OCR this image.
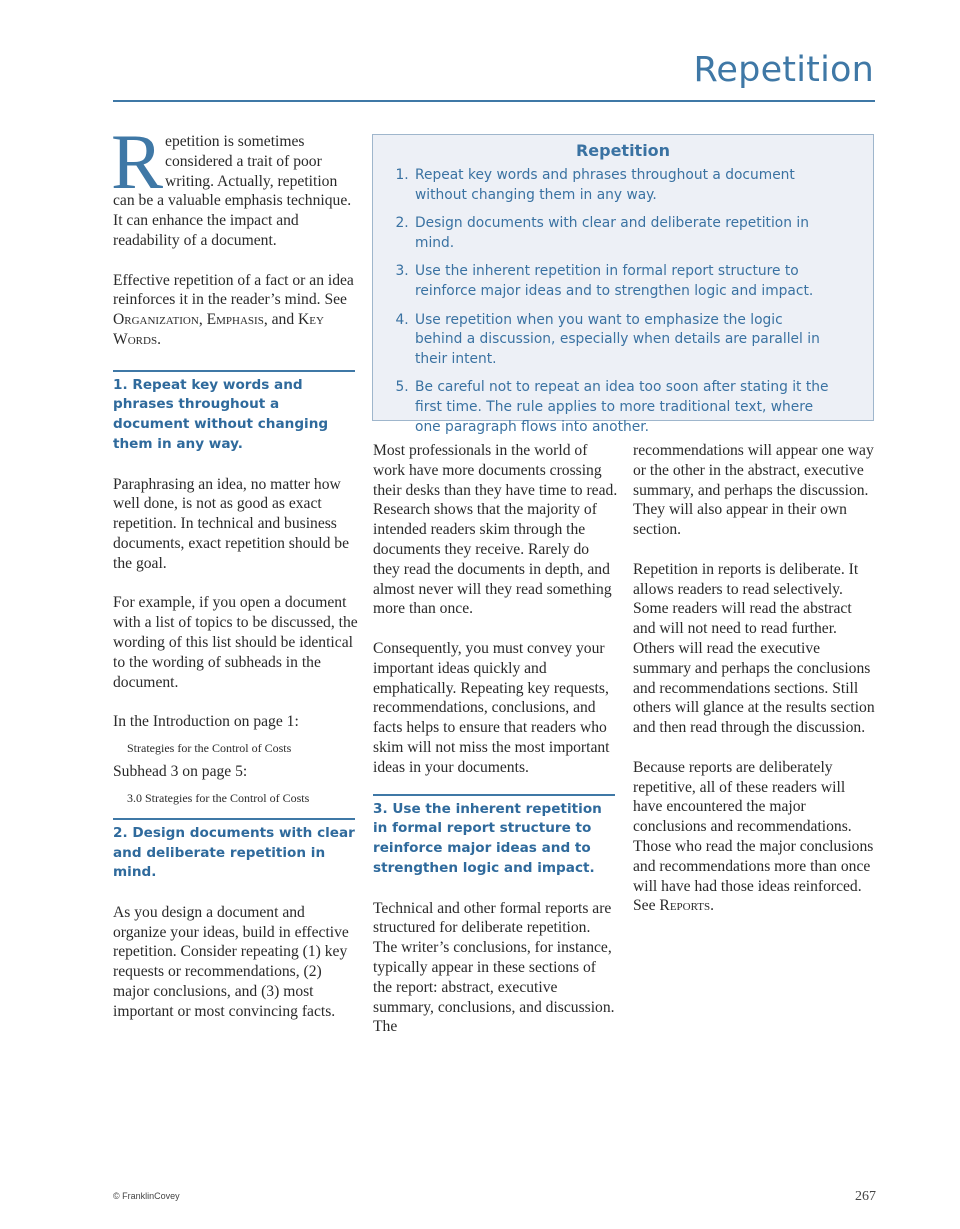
Repetition

Repetition is sometimes considered a trait of poor writing. Actually, repetition can be a valuable emphasis technique. It can enhance the impact and readability of a document.

Effective repetition of a fact or an idea reinforces it in the reader’s mind. See Organization, Emphasis, and Key Words.

1. Repeat key words and phrases throughout a document without changing them in any way.

Paraphrasing an idea, no matter how well done, is not as good as exact repetition. In technical and business documents, exact repetition should be the goal.

For example, if you open a document with a list of topics to be discussed, the wording of this list should be identical to the wording of subheads in the document.

In the Introduction on page 1:

Strategies for the Control of Costs

Subhead 3 on page 5:

3.0 Strategies for the Control of Costs

2. Design documents with clear and deliberate repetition in mind.

As you design a document and organize your ideas, build in effective repetition. Consider repeating (1) key requests or recommendations, (2) major conclusions, and (3) most important or most convincing facts.

Repetition
1. Repeat key words and phrases throughout a document without changing them in any way.
2. Design documents with clear and deliberate repetition in mind.
3. Use the inherent repetition in formal report structure to reinforce major ideas and to strengthen logic and impact.
4. Use repetition when you want to emphasize the logic behind a discussion, especially when details are parallel in their intent.
5. Be careful not to repeat an idea too soon after stating it the first time. The rule applies to more traditional text, where one paragraph flows into another.

Most professionals in the world of work have more documents crossing their desks than they have time to read. Research shows that the majority of intended readers skim through the documents they receive. Rarely do they read the documents in depth, and almost never will they read something more than once.

Consequently, you must convey your important ideas quickly and emphatically. Repeating key requests, recommendations, conclusions, and facts helps to ensure that readers who skim will not miss the most important ideas in your documents.

3. Use the inherent repetition in formal report structure to reinforce major ideas and to strengthen logic and impact.

Technical and other formal reports are structured for deliberate repetition. The writer’s conclusions, for instance, typically appear in these sections of the report: abstract, executive summary, conclusions, and discussion. The

recommendations will appear one way or the other in the abstract, executive summary, and perhaps the discussion. They will also appear in their own section.

Repetition in reports is deliberate. It allows readers to read selectively. Some readers will read the abstract and will not need to read further. Others will read the executive summary and perhaps the conclusions and recommendations sections. Still others will glance at the results section and then read through the discussion.

Because reports are deliberately repetitive, all of these readers will have encountered the major conclusions and recommendations. Those who read the major conclusions and recommendations more than once will have had those ideas reinforced. See Reports.

© FranklinCovey	267
